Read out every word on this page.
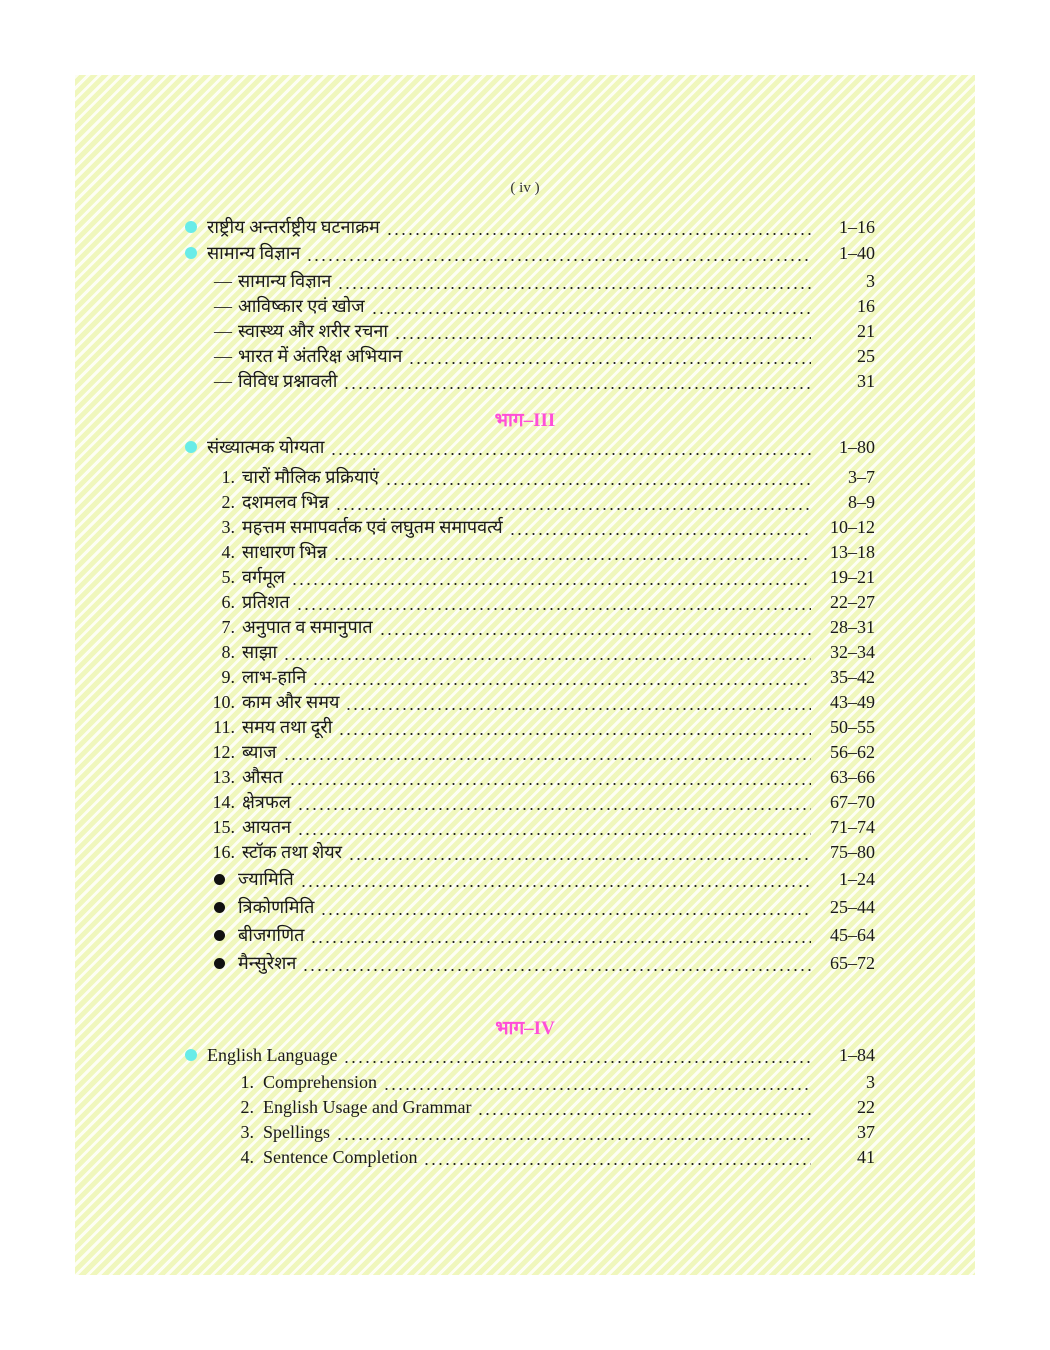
( iv )
राष्ट्रीय अन्तर्राष्ट्रीय घटनाक्रम	1–16
सामान्य विज्ञान	1–40
— सामान्य विज्ञान	3
— आविष्कार एवं खोज	16
— स्वास्थ्य और शरीर रचना	21
— भारत में अंतरिक्ष अभियान	25
— विविध प्रश्नावली	31
भाग–III
संख्यात्मक योग्यता	1–80
1. चारों मौलिक प्रक्रियाएं	3–7
2. दशमलव भिन्न	8–9
3. महत्तम समापवर्तक एवं लघुतम समापवर्त्य	10–12
4. साधारण भिन्न	13–18
5. वर्गमूल	19–21
6. प्रतिशत	22–27
7. अनुपात व समानुपात	28–31
8. साझा	32–34
9. लाभ-हानि	35–42
10. काम और समय	43–49
11. समय तथा दूरी	50–55
12. ब्याज	56–62
13. औसत	63–66
14. क्षेत्रफल	67–70
15. आयतन	71–74
16. स्टॉक तथा शेयर	75–80
ज्यामिति	1–24
त्रिकोणमिति	25–44
बीजगणित	45–64
मैन्सुरेशन	65–72
भाग–IV
English Language	1–84
1. Comprehension	3
2. English Usage and Grammar	22
3. Spellings	37
4. Sentence Completion	41
